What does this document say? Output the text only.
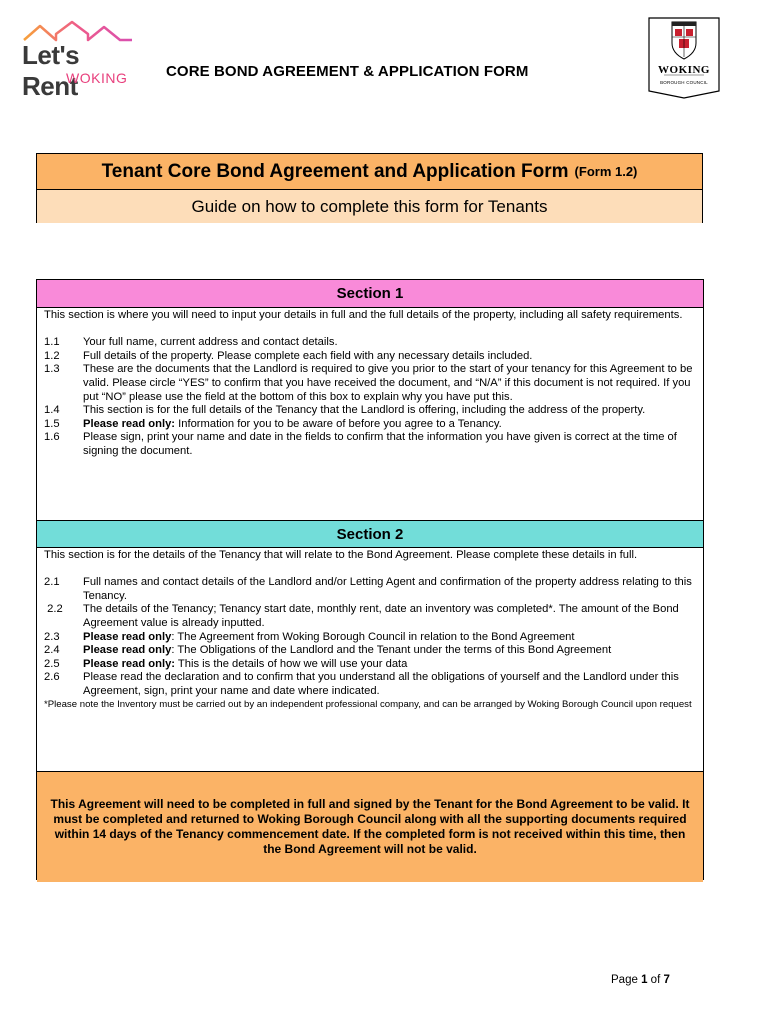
Let's Rent
WOKING	CORE BOND AGREEMENT & APPLICATION FORM	WOKING
BOROUGH COUNCIL
Tenant Core Bond Agreement and Application Form (Form 1.2)
Guide on how to complete this form for Tenants
Section 1

This section is where you will need to input your details in full and the full details of the property, including all safety requirements.

1.1	Your full name, current address and contact details.
1.2	Full details of the property. Please complete each field with any necessary details included.
1.3	These are the documents that the Landlord is required to give you prior to the start of your tenancy for this Agreement to be valid. Please circle “YES” to confirm that you have received the document, and “N/A” if this document is not required. If you put “NO” please use the field at the bottom of this box to explain why you have put this.
1.4	This section is for the full details of the Tenancy that the Landlord is offering, including the address of the property.
1.5	Please read only: Information for you to be aware of before you agree to a Tenancy.
1.6	Please sign, print your name and date in the fields to confirm that the information you have given is correct at the time of signing the document.
Section 2

This section is for the details of the Tenancy that will relate to the Bond Agreement. Please complete these details in full.

2.1	Full names and contact details of the Landlord and/or Letting Agent and confirmation of the property address relating to this Tenancy.
2.2	The details of the Tenancy; Tenancy start date, monthly rent, date an inventory was completed*. The amount of the Bond Agreement value is already inputted.
2.3	Please read only: The Agreement from Woking Borough Council in relation to the Bond Agreement
2.4	Please read only: The Obligations of the Landlord and the Tenant under the terms of this Bond Agreement
2.5	Please read only: This is the details of how we will use your data
2.6	Please read the declaration and to confirm that you understand all the obligations of yourself and the Landlord under this Agreement, sign, print your name and date where indicated.

*Please note the Inventory must be carried out by an independent professional company, and can be arranged by Woking Borough Council upon request

This Agreement will need to be completed in full and signed by the Tenant for the Bond Agreement to be valid. It must be completed and returned to Woking Borough Council along with all the supporting documents required within 14 days of the Tenancy commencement date. If the completed form is not received within this time, then the Bond Agreement will not be valid.
Page 1 of 7
